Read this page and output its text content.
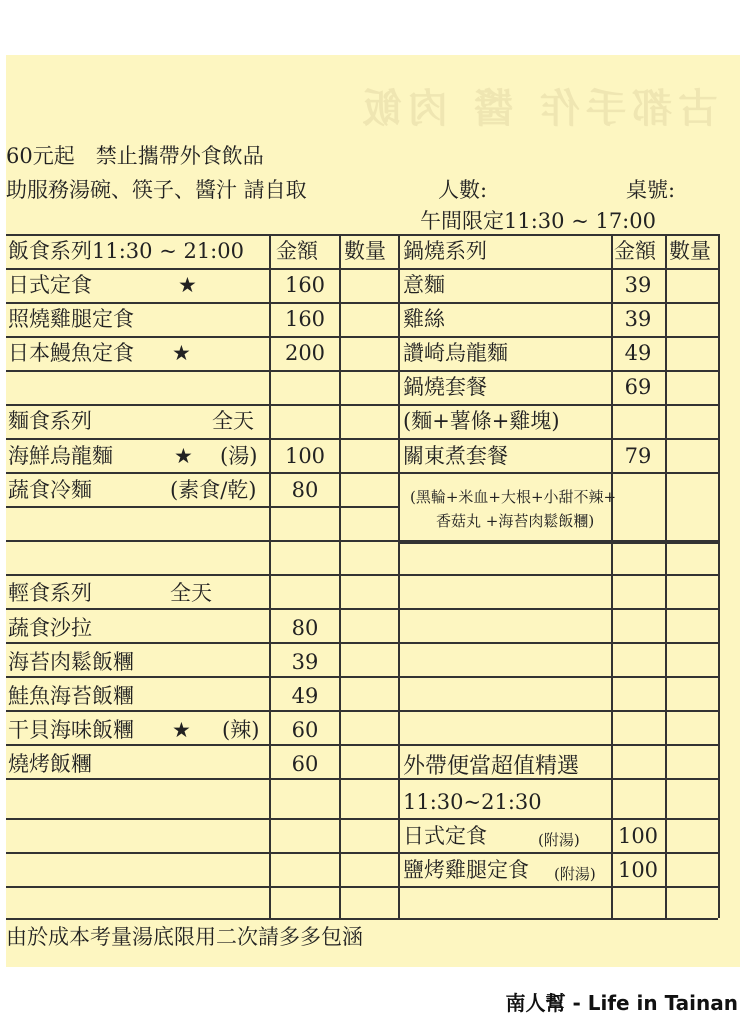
古都手作 醬 肉飯
60元起　禁止攜帶外食飲品
助服務湯碗、筷子、醬汁 請自取	人數:	桌號:
午間限定11:30 ~ 17:00
飯食系列11:30 ~ 21:00 金額 數量
日式定食	★	160
照燒雞腿定食	160
日本鰻魚定食 ★	200
麵食系列	全天
海鮮烏龍麵	★ (湯)	100
蔬食冷麵	(素食/乾)	80
輕食系列	全天
蔬食沙拉	80
海苔肉鬆飯糰	39
鮭魚海苔飯糰	49
干貝海味飯糰 ★ (辣)	60
燒烤飯糰	60
鍋燒系列	金額 數量
意麵	39
雞絲	39
讚崎烏龍麵	49
鍋燒套餐	69
(麵+薯條+雞塊)
關東煮套餐	79
(黑輪+米血+大根+小甜不辣+
香菇丸 +海苔肉鬆飯糰)
外帶便當超值精選
11:30~21:30
日式定食	(附湯) 100
鹽烤雞腿定食 (附湯) 100
由於成本考量湯底限用二次請多多包涵
南人幫 - Life in Tainan
